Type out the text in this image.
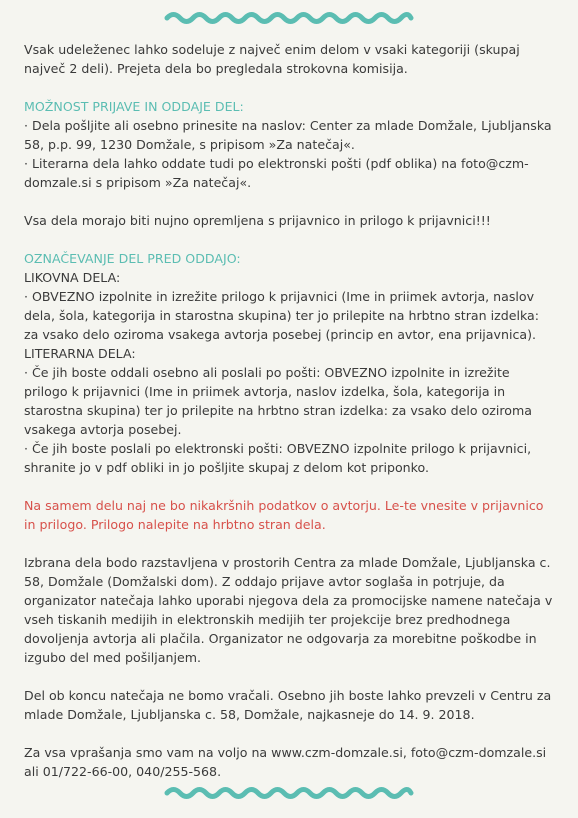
Vsak udeleženec lahko sodeluje z največ enim delom v vsaki kategoriji (skupaj največ 2 deli). Prejeta dela bo pregledala strokovna komisija.

MOŽNOST PRIJAVE IN ODDAJE DEL:

· Dela pošljite ali osebno prinesite na naslov: Center za mlade Domžale, Ljubljanska 58, p.p. 99, 1230 Domžale, s pripisom »Za natečaj«.

· Literarna dela lahko oddate tudi po elektronski pošti (pdf oblika) na foto@czm-domzale.si s pripisom »Za natečaj«.

Vsa dela morajo biti nujno opremljena s prijavnico in prilogo k prijavnici!!!

OZNAČEVANJE DEL PRED ODDAJO:

LIKOVNA DELA:

· OBVEZNO izpolnite in izrežite prilogo k prijavnici (Ime in priimek avtorja, naslov dela, šola, kategorija in starostna skupina) ter jo prilepite na hrbtno stran izdelka: za vsako delo oziroma vsakega avtorja posebej (princip en avtor, ena prijavnica).

LITERARNA DELA:

· Če jih boste oddali osebno ali poslali po pošti: OBVEZNO izpolnite in izrežite prilogo k prijavnici (Ime in priimek avtorja, naslov izdelka, šola, kategorija in starostna skupina) ter jo prilepite na hrbtno stran izdelka: za vsako delo oziroma vsakega avtorja posebej.

· Če jih boste poslali po elektronski pošti: OBVEZNO izpolnite prilogo k prijavnici, shranite jo v pdf obliki in jo pošljite skupaj z delom kot priponko.

Na samem delu naj ne bo nikakršnih podatkov o avtorju. Le-te vnesite v prijavnico in prilogo. Prilogo nalepite na hrbtno stran dela.

Izbrana dela bodo razstavljena v prostorih Centra za mlade Domžale, Ljubljanska c. 58, Domžale (Domžalski dom). Z oddajo prijave avtor soglaša in potrjuje, da organizator natečaja lahko uporabi njegova dela za promocijske namene natečaja v vseh tiskanih medijih in elektronskih medijih ter projekcije brez predhodnega dovoljenja avtorja ali plačila. Organizator ne odgovarja za morebitne poškodbe in izgubo del med pošiljanjem.

Del ob koncu natečaja ne bomo vračali. Osebno jih boste lahko prevzeli v Centru za mlade Domžale, Ljubljanska c. 58, Domžale, najkasneje do 14. 9. 2018.

Za vsa vprašanja smo vam na voljo na www.czm-domzale.si, foto@czm-domzale.si ali 01/722-66-00, 040/255-568.
